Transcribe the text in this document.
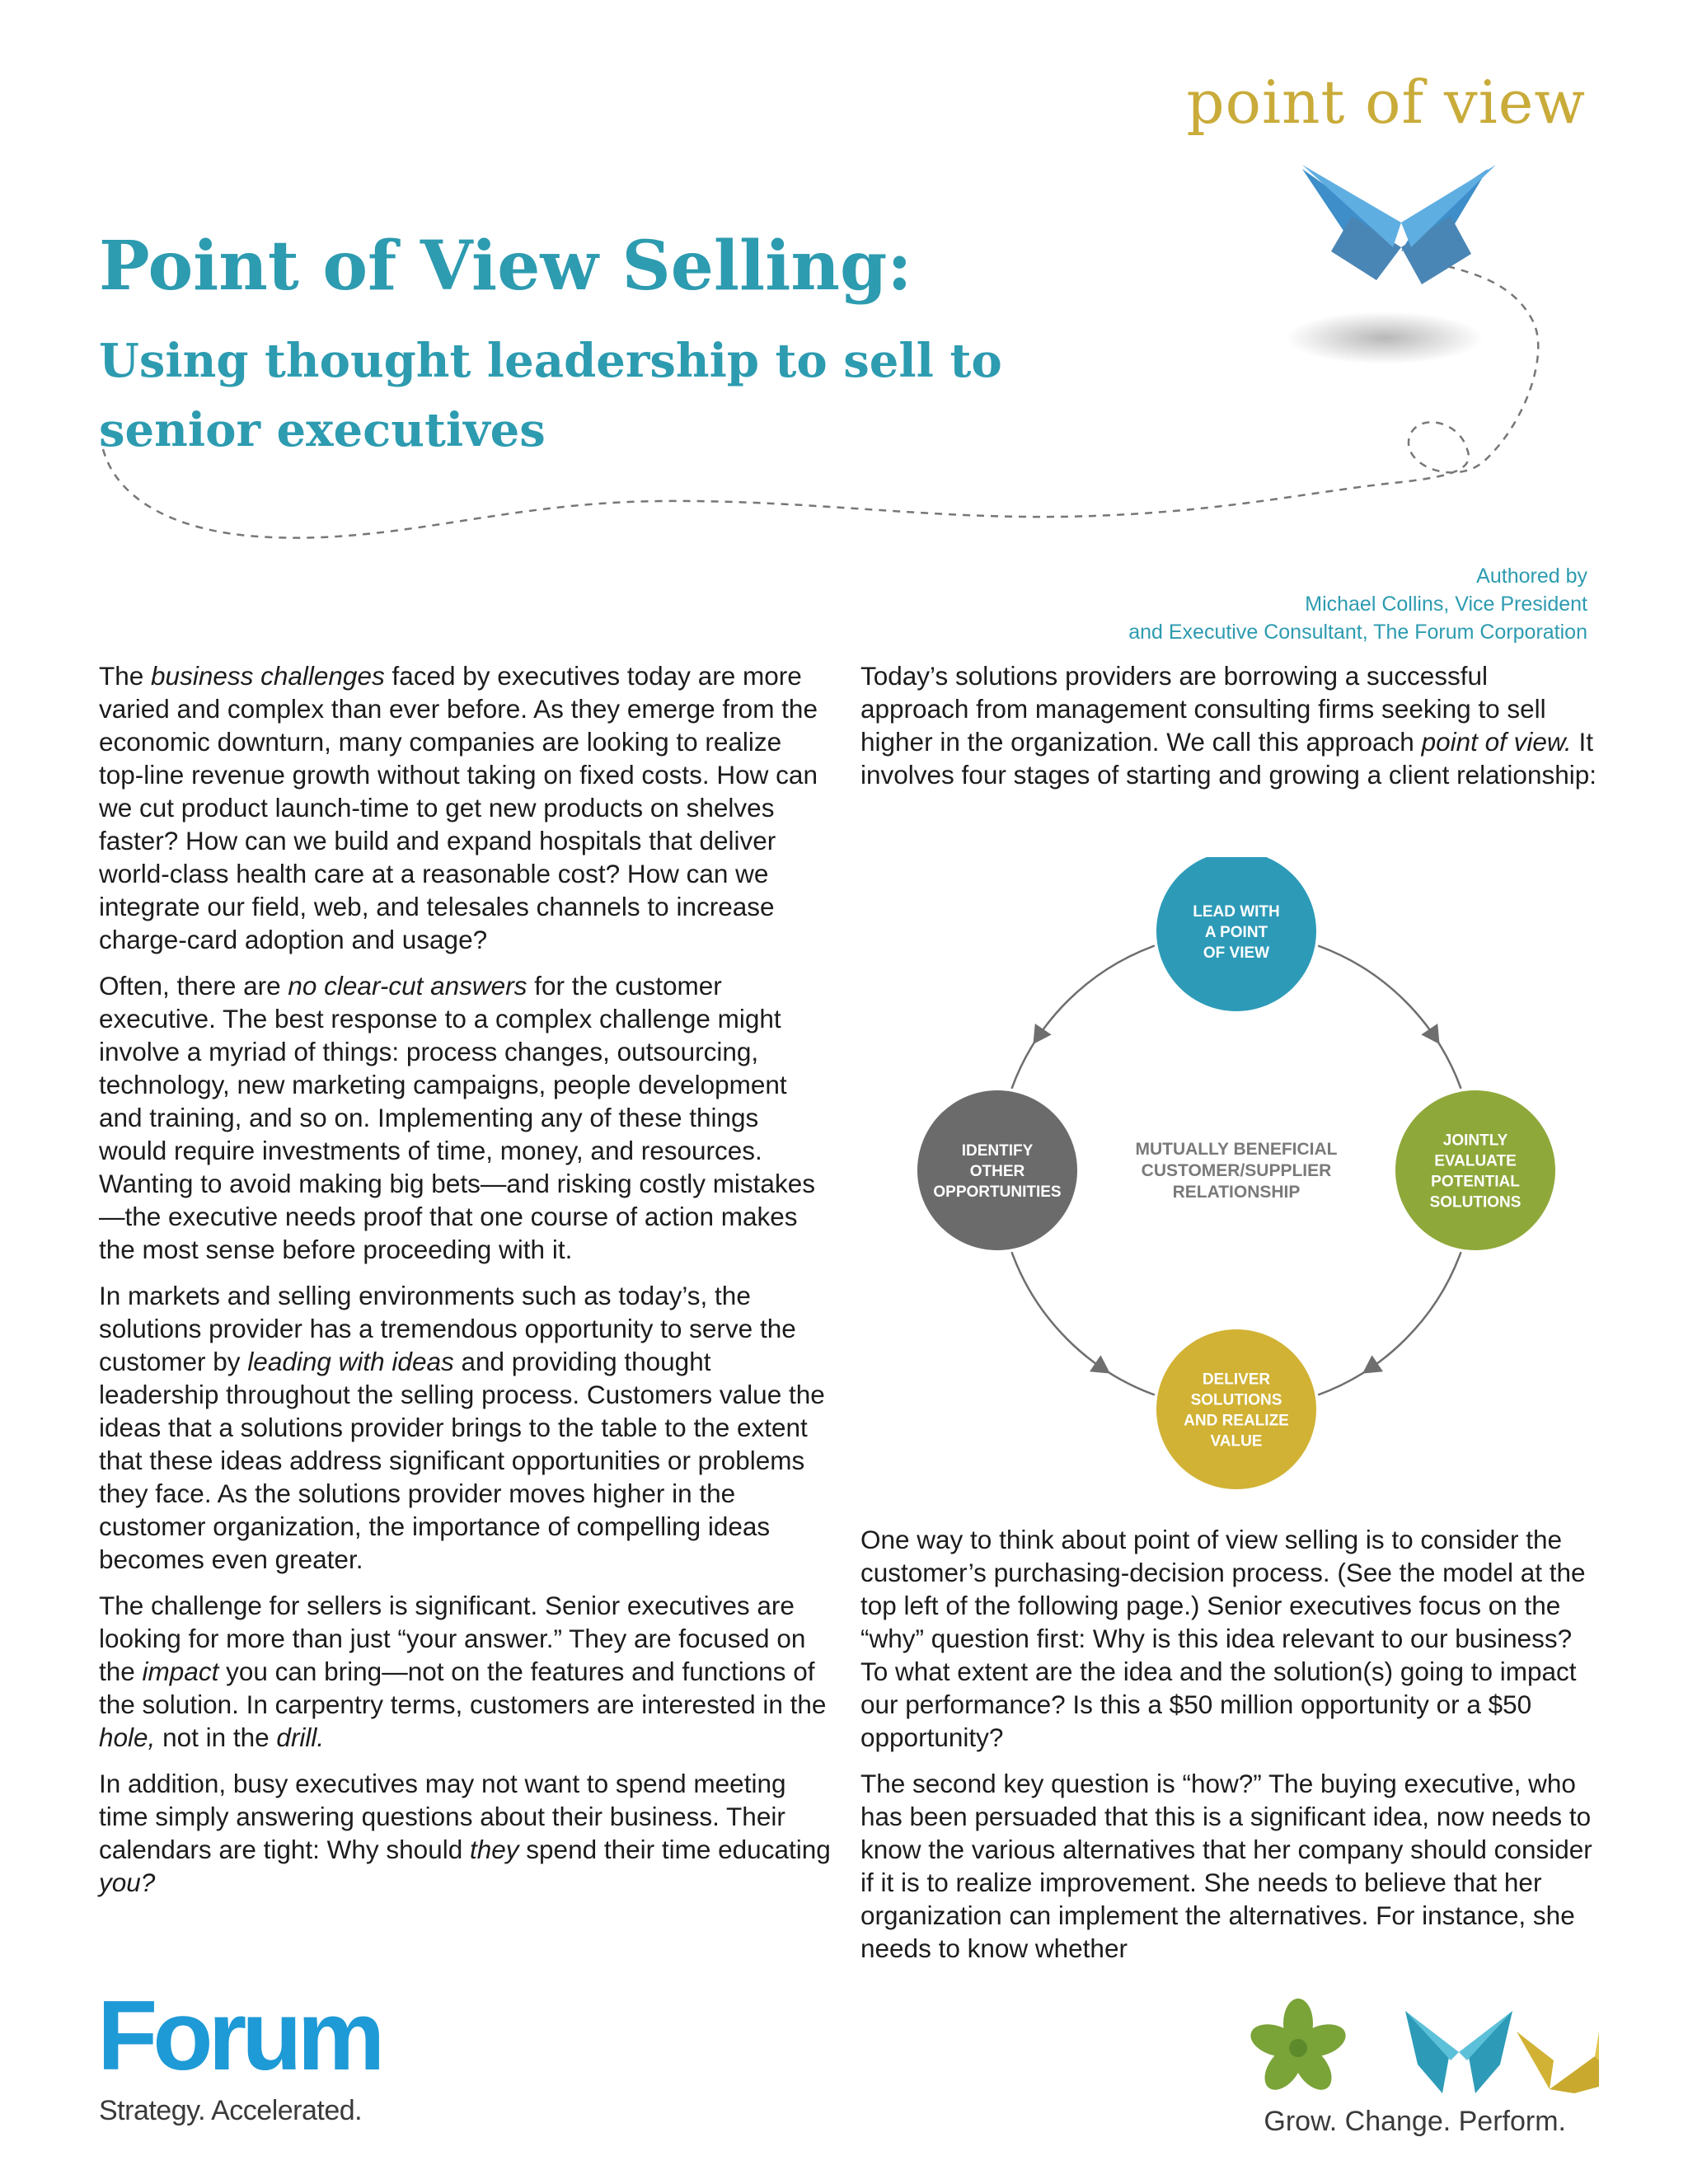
point of view
Point of View Selling:
Using thought leadership to sell to senior executives
Authored by
Michael Collins, Vice President
and Executive Consultant, The Forum Corporation

The business challenges faced by executives today are more varied and complex than ever before. As they emerge from the economic downturn, many companies are looking to realize top-line revenue growth without taking on fixed costs. How can we cut product launch-time to get new products on shelves faster? How can we build and expand hospitals that deliver world-class health care at a reasonable cost? How can we integrate our field, web, and telesales channels to increase charge-card adoption and usage?

Often, there are no clear-cut answers for the customer executive. The best response to a complex challenge might involve a myriad of things: process changes, outsourcing, technology, new marketing campaigns, people development and training, and so on. Implementing any of these things would require investments of time, money, and resources. Wanting to avoid making big bets—and risking costly mistakes—the executive needs proof that one course of action makes the most sense before proceeding with it.

In markets and selling environments such as today’s, the solutions provider has a tremendous opportunity to serve the customer by leading with ideas and providing thought leadership throughout the selling process. Customers value the ideas that a solutions provider brings to the table to the extent that these ideas address significant opportunities or problems they face. As the solutions provider moves higher in the customer organization, the importance of compelling ideas becomes even greater.

The challenge for sellers is significant. Senior executives are looking for more than just “your answer.” They are focused on the impact you can bring—not on the features and functions of the solution. In carpentry terms, customers are interested in the hole, not in the drill.

In addition, busy executives may not want to spend meeting time simply answering questions about their business. Their calendars are tight: Why should they spend their time educating you?

Today’s solutions providers are borrowing a successful approach from management consulting firms seeking to sell higher in the organization. We call this approach point of view. It involves four stages of starting and growing a client relationship:

LEAD WITH
A POINT
OF VIEW
JOINTLY
EVALUATE
POTENTIAL
SOLUTIONS
DELIVER
SOLUTIONS
AND REALIZE
VALUE
IDENTIFY
OTHER
OPPORTUNITIES
MUTUALLY BENEFICIAL
CUSTOMER/SUPPLIER
RELATIONSHIP

One way to think about point of view selling is to consider the customer’s purchasing-decision process. (See the model at the top left of the following page.) Senior executives focus on the “why” question first: Why is this idea relevant to our business? To what extent are the idea and the solution(s) going to impact our performance? Is this a $50 million opportunity or a $50 opportunity?

The second key question is “how?” The buying executive, who has been persuaded that this is a significant idea, now needs to know the various alternatives that her company should consider if it is to realize improvement. She needs to believe that her organization can implement the alternatives. For instance, she needs to know whether

Forum
Strategy. Accelerated.	Grow. Change. Perform.
